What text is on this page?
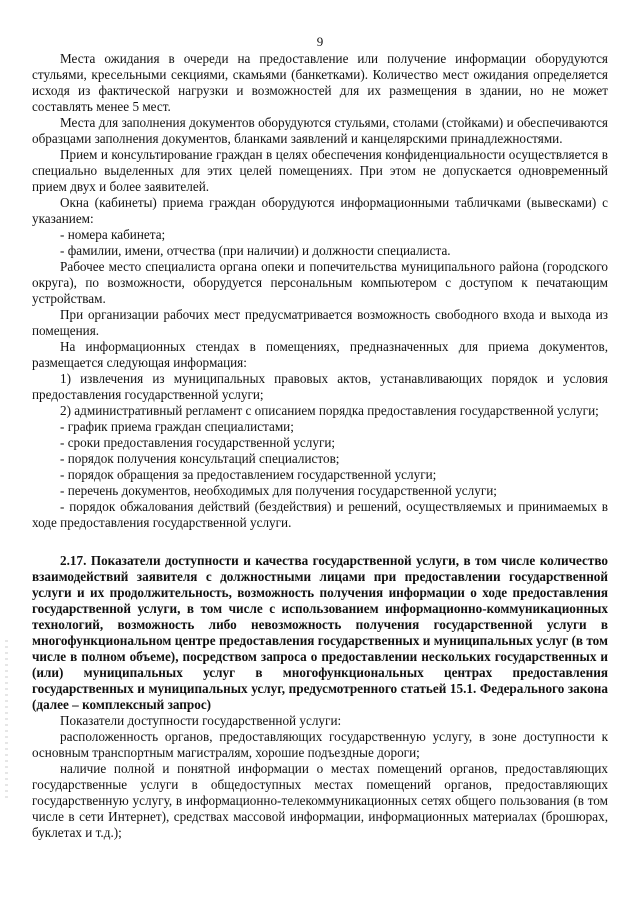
9

Места ожидания в очереди на предоставление или получение информации оборудуются стульями, кресельными секциями, скамьями (банкетками). Количество мест ожидания определяется исходя из фактической нагрузки и возможностей для их размещения в здании, но не может составлять менее 5 мест.

Места для заполнения документов оборудуются стульями, столами (стойками) и обеспечиваются образцами заполнения документов, бланками заявлений и канцелярскими принадлежностями.

Прием и консультирование граждан в целях обеспечения конфиденциальности осуществляется в специально выделенных для этих целей помещениях. При этом не допускается одновременный прием двух и более заявителей.

Окна (кабинеты) приема граждан оборудуются информационными табличками (вывесками) с указанием:

- номера кабинета;

- фамилии, имени, отчества (при наличии) и должности специалиста.

Рабочее место специалиста органа опеки и попечительства муниципального района (городского округа), по возможности, оборудуется персональным компьютером с доступом к печатающим устройствам.

При организации рабочих мест предусматривается возможность свободного входа и выхода из помещения.

На информационных стендах в помещениях, предназначенных для приема документов, размещается следующая информация:

1) извлечения из муниципальных правовых актов, устанавливающих порядок и условия предоставления государственной услуги;

2) административный регламент с описанием порядка предоставления государственной услуги;

- график приема граждан специалистами;

- сроки предоставления государственной услуги;

- порядок получения консультаций специалистов;

- порядок обращения за предоставлением государственной услуги;

- перечень документов, необходимых для получения государственной услуги;

- порядок обжалования действий (бездействия) и решений, осуществляемых и принимаемых в ходе предоставления государственной услуги.

2.17. Показатели доступности и качества государственной услуги, в том числе количество взаимодействий заявителя с должностными лицами при предоставлении государственной услуги и их продолжительность, возможность получения информации о ходе предоставления государственной услуги, в том числе с использованием информационно-коммуникационных технологий, возможность либо невозможность получения государственной услуги в многофункциональном центре предоставления государственных и муниципальных услуг (в том числе в полном объеме), посредством запроса о предоставлении нескольких государственных и (или) муниципальных услуг в многофункциональных центрах предоставления государственных и муниципальных услуг, предусмотренного статьей 15.1. Федерального закона (далее – комплексный запрос)

Показатели доступности государственной услуги:

расположенность органов, предоставляющих государственную услугу, в зоне доступности к основным транспортным магистралям, хорошие подъездные дороги;

наличие полной и понятной информации о местах помещений органов, предоставляющих государственные услуги в общедоступных местах помещений органов, предоставляющих государственную услугу, в информационно-телекоммуникационных сетях общего пользования (в том числе в сети Интернет), средствах массовой информации, информационных материалах (брошюрах, буклетах и т.д.);
